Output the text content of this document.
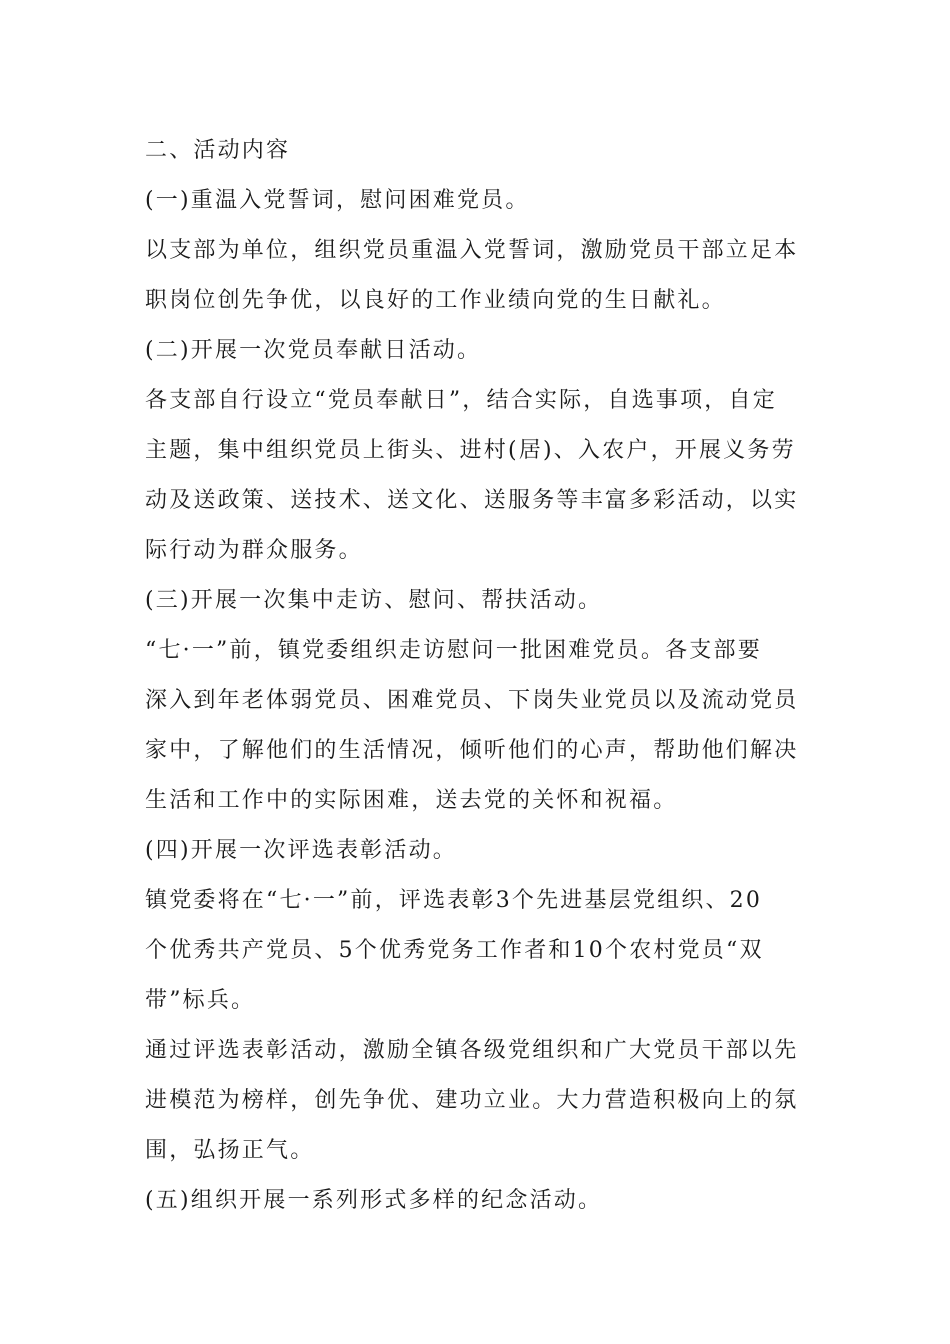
二、活动内容
(一)重温入党誓词，慰问困难党员。
以支部为单位，组织党员重温入党誓词，激励党员干部立足本
职岗位创先争优，以良好的工作业绩向党的生日献礼。
(二)开展一次党员奉献日活动。
各支部自行设立“党员奉献日”，结合实际，自选事项，自定
主题，集中组织党员上街头、进村(居)、入农户，开展义务劳
动及送政策、送技术、送文化、送服务等丰富多彩活动，以实
际行动为群众服务。
(三)开展一次集中走访、慰问、帮扶活动。
“七·一”前，镇党委组织走访慰问一批困难党员。各支部要
深入到年老体弱党员、困难党员、下岗失业党员以及流动党员
家中，了解他们的生活情况，倾听他们的心声，帮助他们解决
生活和工作中的实际困难，送去党的关怀和祝福。
(四)开展一次评选表彰活动。
镇党委将在“七·一”前，评选表彰3个先进基层党组织、20
个优秀共产党员、5个优秀党务工作者和10个农村党员“双
带”标兵。
通过评选表彰活动，激励全镇各级党组织和广大党员干部以先
进模范为榜样，创先争优、建功立业。大力营造积极向上的氛
围，弘扬正气。
(五)组织开展一系列形式多样的纪念活动。
